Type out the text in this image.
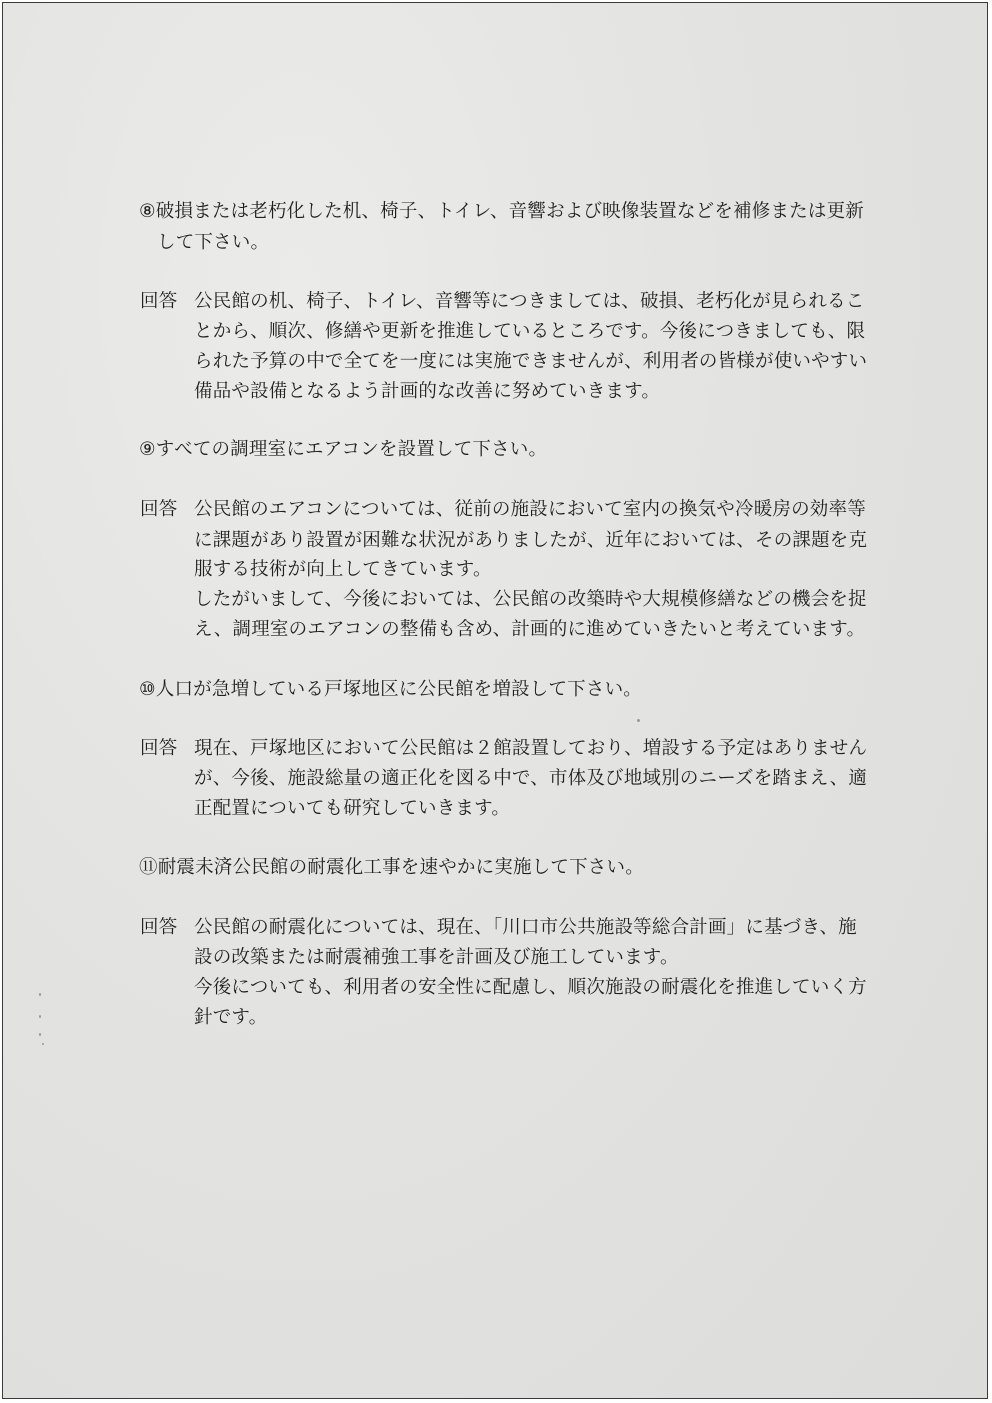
⑧破損または老朽化した机、椅子、トイレ、音響および映像装置などを補修または更新
して下さい。
回答 公民館の机、椅子、トイレ、音響等につきましては、破損、老朽化が見られるこ
とから、順次、修繕や更新を推進しているところです。今後につきましても、限
られた予算の中で全てを一度には実施できませんが、利用者の皆様が使いやすい
備品や設備となるよう計画的な改善に努めていきます。
⑨すべての調理室にエアコンを設置して下さい。
回答 公民館のエアコンについては、従前の施設において室内の換気や冷暖房の効率等
に課題があり設置が困難な状況がありましたが、近年においては、その課題を克
服する技術が向上してきています。
したがいまして、今後においては、公民館の改築時や大規模修繕などの機会を捉
え、調理室のエアコンの整備も含め、計画的に進めていきたいと考えています。
⑩人口が急増している戸塚地区に公民館を増設して下さい。
回答 現在、戸塚地区において公民館は２館設置しており、増設する予定はありません
が、今後、施設総量の適正化を図る中で、市体及び地域別のニーズを踏まえ、適
正配置についても研究していきます。
⑪耐震未済公民館の耐震化工事を速やかに実施して下さい。
回答 公民館の耐震化については、現在、「川口市公共施設等総合計画」に基づき、施
設の改築または耐震補強工事を計画及び施工しています。
今後についても、利用者の安全性に配慮し、順次施設の耐震化を推進していく方
針です。
